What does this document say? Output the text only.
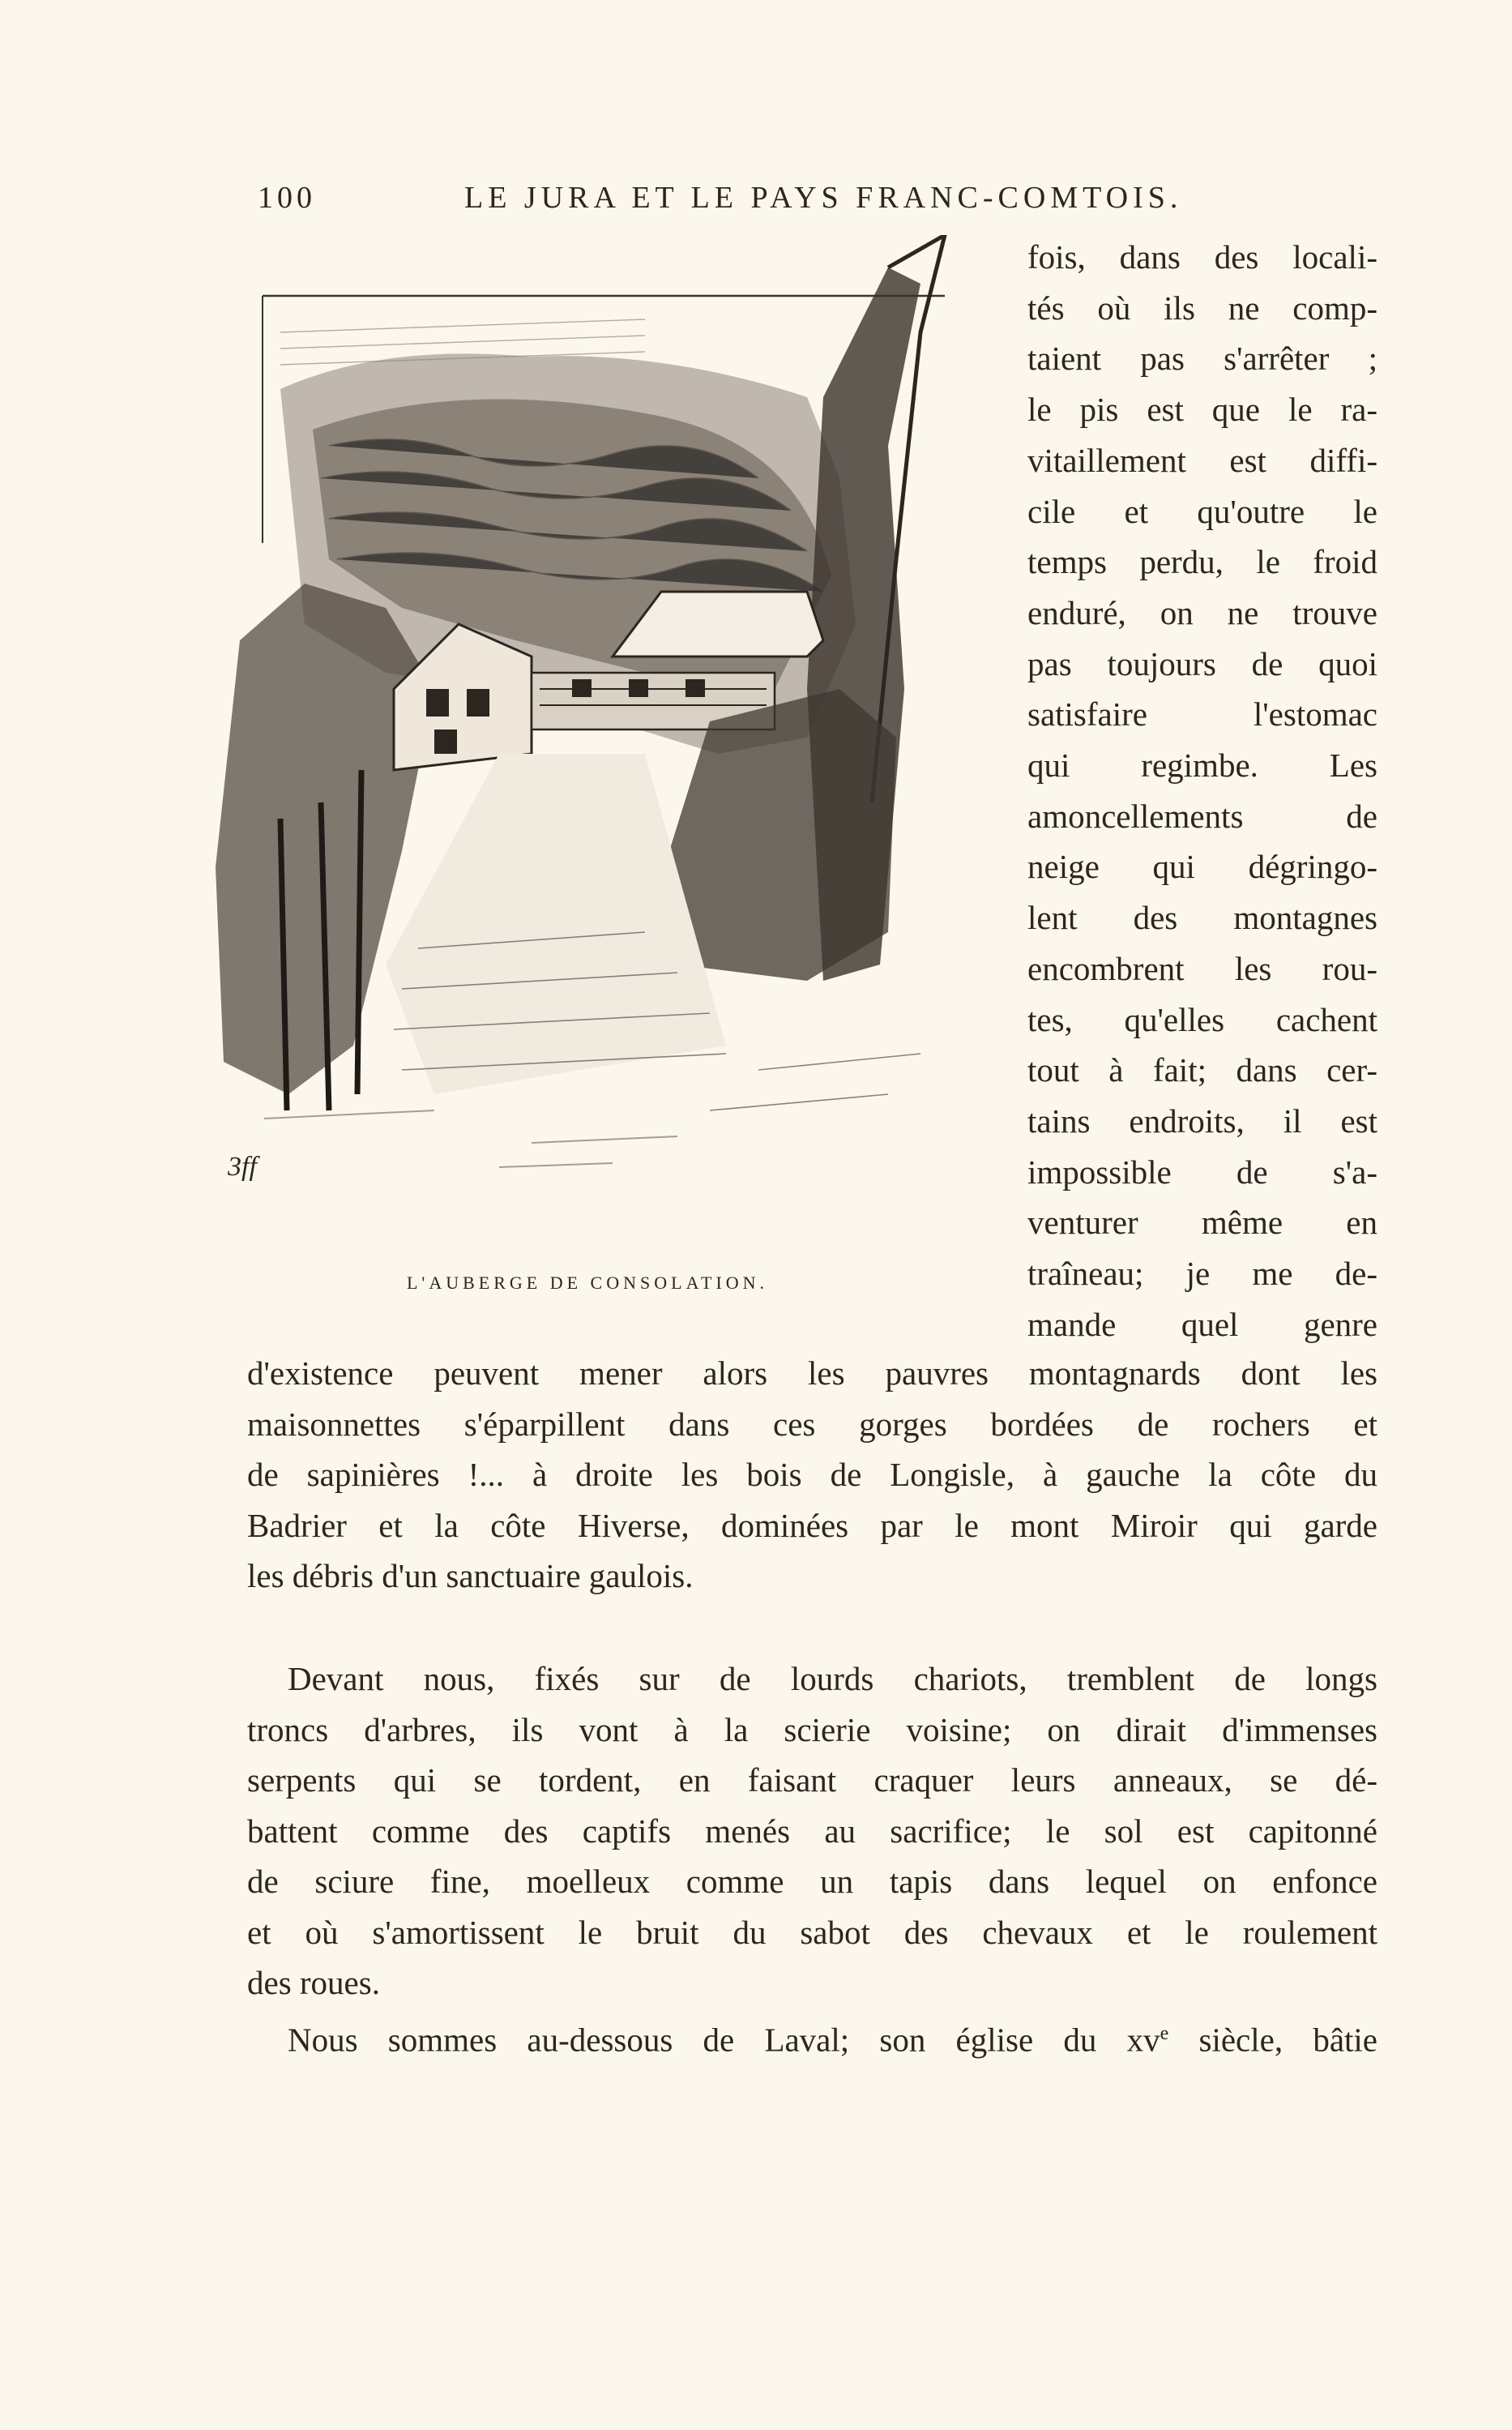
100	LE JURA ET LE PAYS FRANC-COMTOIS.
3ff
L'AUBERGE DE CONSOLATION.
fois, dans des locali-
tés où ils ne comp-
taient pas s'arrêter ;
le pis est que le ra-
vitaillement est diffi-
cile et qu'outre le
temps perdu, le froid
enduré, on ne trouve
pas toujours de quoi
satisfaire l'estomac
qui regimbe. Les
amoncellements de
neige qui dégringo-
lent des montagnes
encombrent les rou-
tes, qu'elles cachent
tout à fait; dans cer-
tains endroits, il est
impossible de s'a-
venturer même en
traîneau; je me de-
mande quel genre
d'existence peuvent mener alors les pauvres montagnards dont les
maisonnettes s'éparpillent dans ces gorges bordées de rochers et
de sapinières !... à droite les bois de Longisle, à gauche la côte du
Badrier et la côte Hiverse, dominées par le mont Miroir qui garde
les débris d'un sanctuaire gaulois.
Devant nous, fixés sur de lourds chariots, tremblent de longs
troncs d'arbres, ils vont à la scierie voisine; on dirait d'immenses
serpents qui se tordent, en faisant craquer leurs anneaux, se dé-
battent comme des captifs menés au sacrifice; le sol est capitonné
de sciure fine, moelleux comme un tapis dans lequel on enfonce
et où s'amortissent le bruit du sabot des chevaux et le roulement
des roues.
Nous sommes au-dessous de Laval; son église du $xv^e$ siècle, bâtie
